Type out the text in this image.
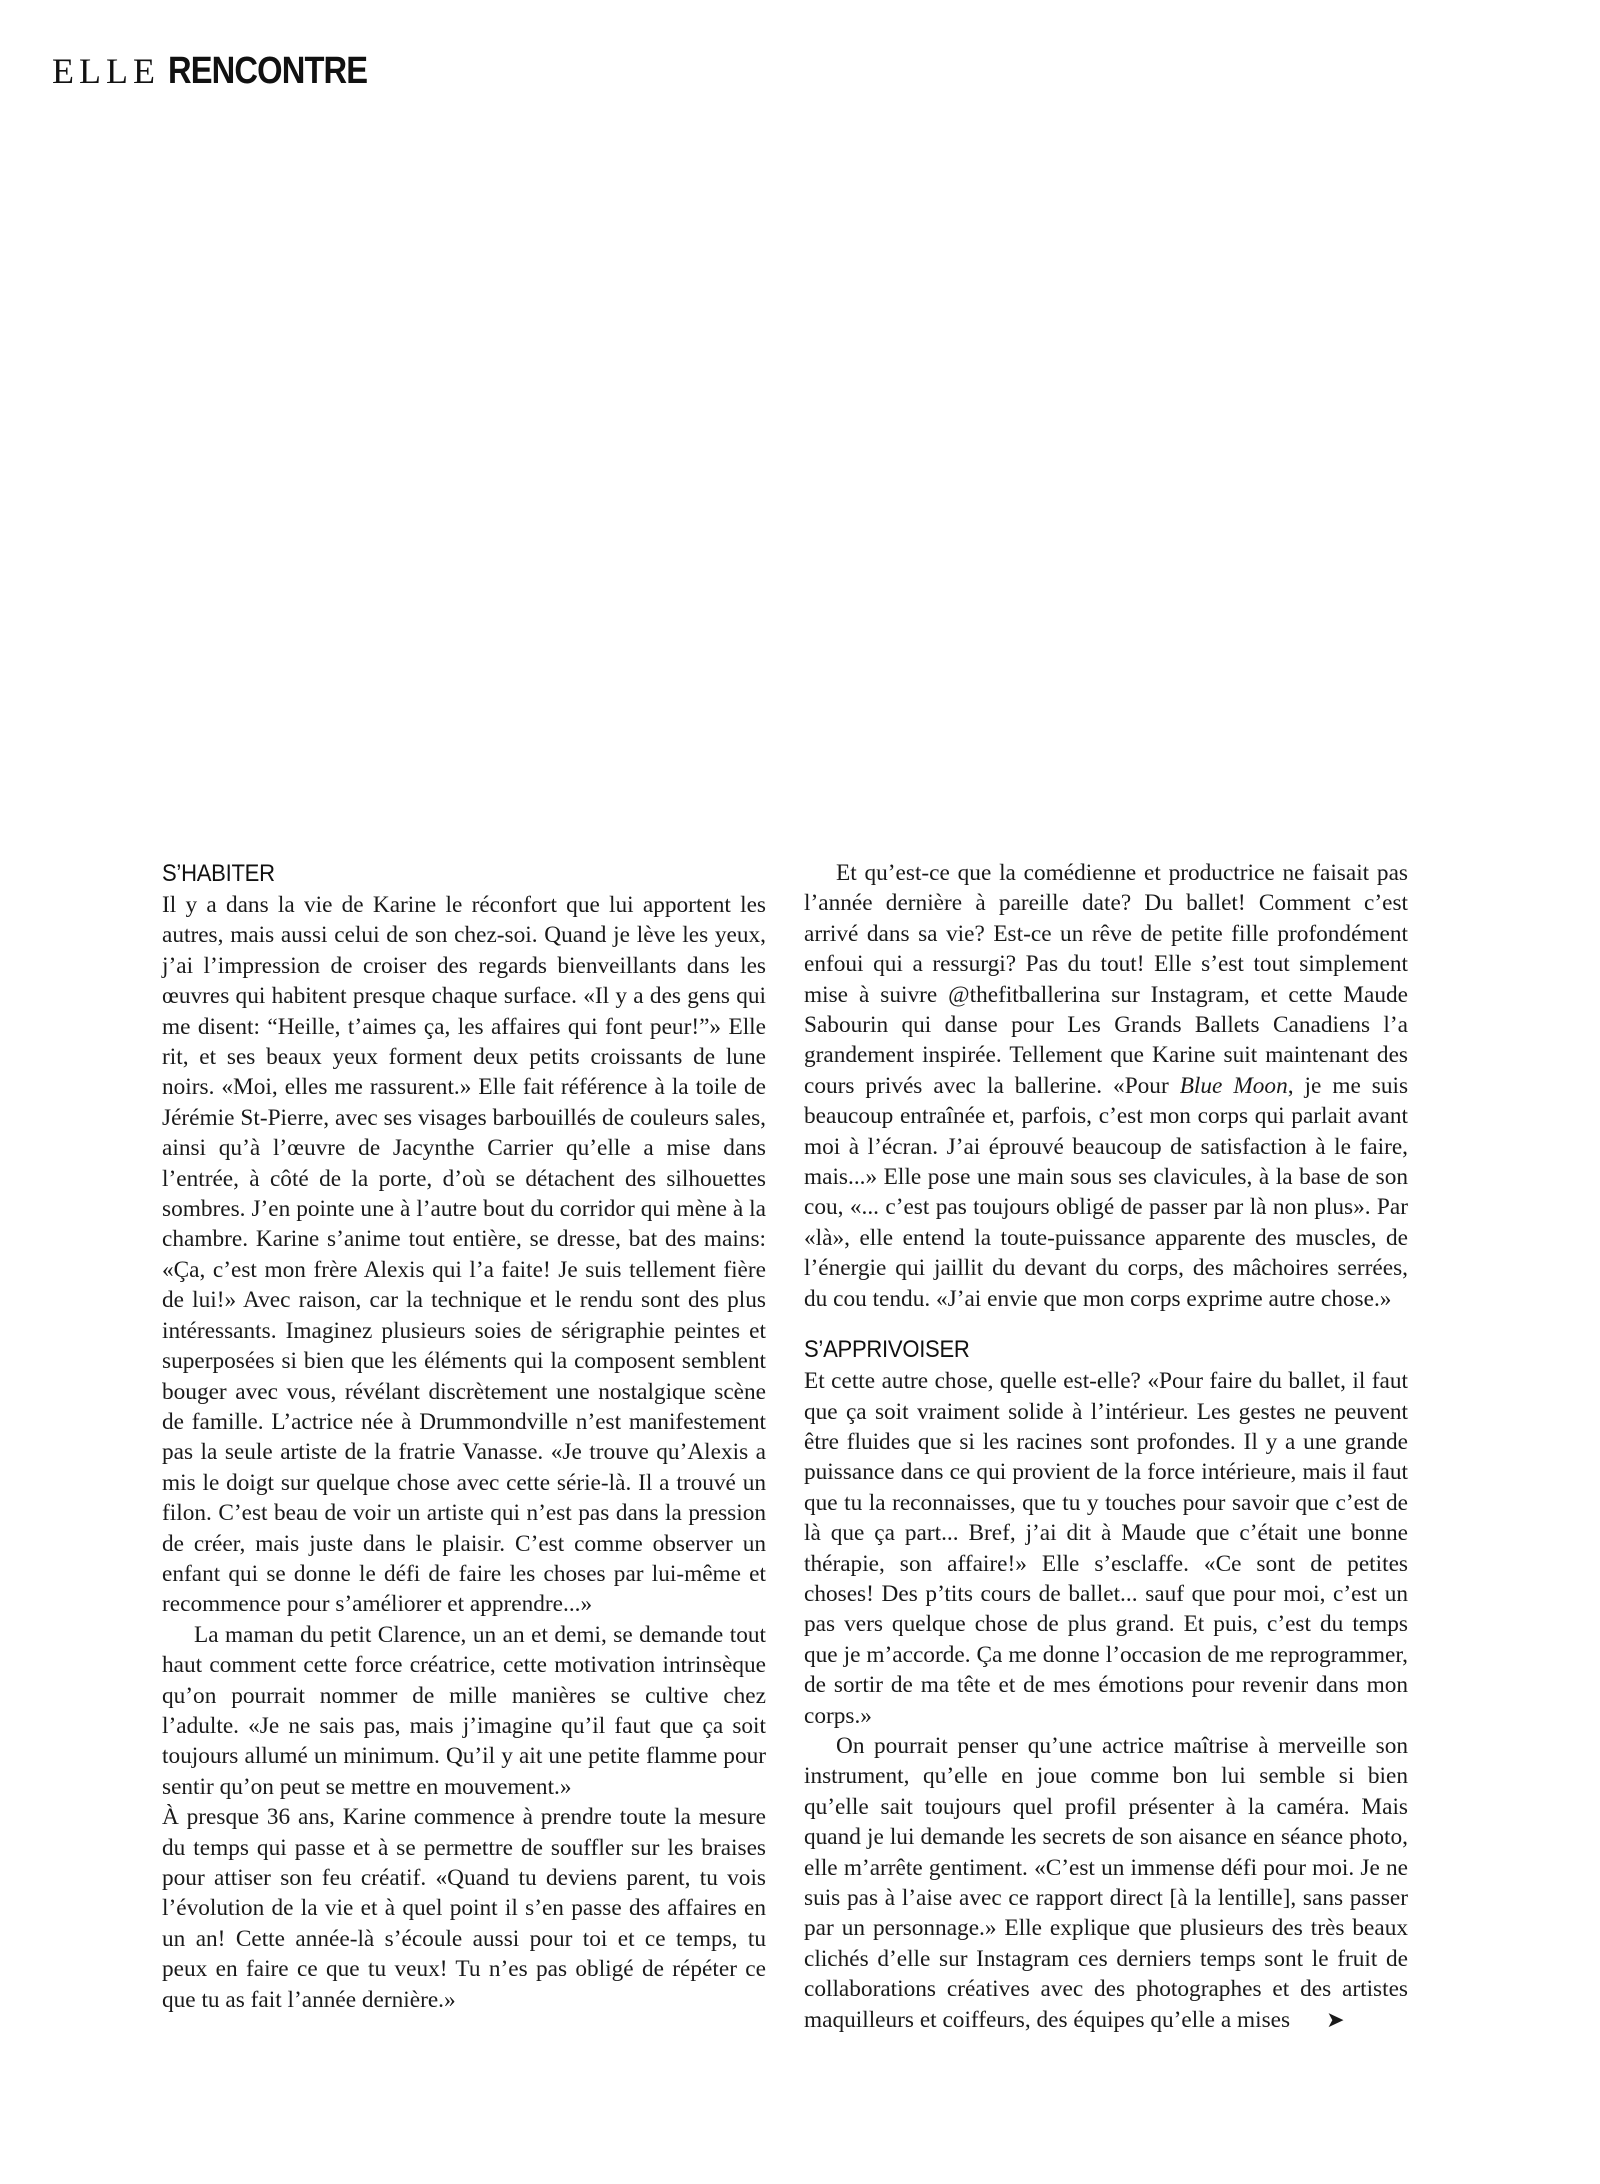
ELLE RENCONTRE
S’HABITER

Il y a dans la vie de Karine le réconfort que lui apportent les autres, mais aussi celui de son chez-soi. Quand je lève les yeux, j’ai l’impression de croiser des regards bienveillants dans les œuvres qui habitent presque chaque surface. «Il y a des gens qui me disent: “Heille, t’aimes ça, les affaires qui font peur!”» Elle rit, et ses beaux yeux forment deux petits croissants de lune noirs. «Moi, elles me rassurent.» Elle fait référence à la toile de Jérémie St-Pierre, avec ses visages barbouillés de couleurs sales, ainsi qu’à l’œuvre de Jacynthe Carrier qu’elle a mise dans l’entrée, à côté de la porte, d’où se détachent des silhouettes sombres. J’en pointe une à l’autre bout du corridor qui mène à la chambre. Karine s’anime tout entière, se dresse, bat des mains: «Ça, c’est mon frère Alexis qui l’a faite! Je suis tellement fière de lui!» Avec raison, car la technique et le rendu sont des plus intéressants. Imaginez plusieurs soies de sérigraphie peintes et superposées si bien que les éléments qui la composent semblent bouger avec vous, révélant discrètement une nostalgique scène de famille. L’actrice née à Drummondville n’est manifestement pas la seule artiste de la fratrie Vanasse. «Je trouve qu’Alexis a mis le doigt sur quelque chose avec cette série-là. Il a trouvé un filon. C’est beau de voir un artiste qui n’est pas dans la pression de créer, mais juste dans le plaisir. C’est comme observer un enfant qui se donne le défi de faire les choses par lui-même et recommence pour s’améliorer et apprendre...»

La maman du petit Clarence, un an et demi, se demande tout haut comment cette force créatrice, cette motivation intrinsèque qu’on pourrait nommer de mille manières se cultive chez l’adulte. «Je ne sais pas, mais j’imagine qu’il faut que ça soit toujours allumé un minimum. Qu’il y ait une petite flamme pour sentir qu’on peut se mettre en mouvement.»

À presque 36 ans, Karine commence à prendre toute la mesure du temps qui passe et à se permettre de souffler sur les braises pour attiser son feu créatif. «Quand tu deviens parent, tu vois l’évolution de la vie et à quel point il s’en passe des affaires en un an! Cette année-là s’écoule aussi pour toi et ce temps, tu peux en faire ce que tu veux! Tu n’es pas obligé de répéter ce que tu as fait l’année dernière.»

Et qu’est-ce que la comédienne et productrice ne faisait pas l’année dernière à pareille date? Du ballet! Comment c’est arrivé dans sa vie? Est-ce un rêve de petite fille profondément enfoui qui a ressurgi? Pas du tout! Elle s’est tout simplement mise à suivre @thefitballerina sur Instagram, et cette Maude Sabourin qui danse pour Les Grands Ballets Canadiens l’a grandement inspirée. Tellement que Karine suit maintenant des cours privés avec la ballerine. «Pour Blue Moon, je me suis beaucoup entraînée et, parfois, c’est mon corps qui parlait avant moi à l’écran. J’ai éprouvé beaucoup de satisfaction à le faire, mais...» Elle pose une main sous ses clavicules, à la base de son cou, «... c’est pas toujours obligé de passer par là non plus». Par «là», elle entend la toute-puissance apparente des muscles, de l’énergie qui jaillit du devant du corps, des mâchoires serrées, du cou tendu. «J’ai envie que mon corps exprime autre chose.»

S’APPRIVOISER

Et cette autre chose, quelle est-elle? «Pour faire du ballet, il faut que ça soit vraiment solide à l’intérieur. Les gestes ne peuvent être fluides que si les racines sont profondes. Il y a une grande puissance dans ce qui provient de la force intérieure, mais il faut que tu la reconnaisses, que tu y touches pour savoir que c’est de là que ça part... Bref, j’ai dit à Maude que c’était une bonne thérapie, son affaire!» Elle s’esclaffe. «Ce sont de petites choses! Des p’tits cours de ballet... sauf que pour moi, c’est un pas vers quelque chose de plus grand. Et puis, c’est du temps que je m’accorde. Ça me donne l’occasion de me reprogrammer, de sortir de ma tête et de mes émotions pour revenir dans mon corps.»

On pourrait penser qu’une actrice maîtrise à merveille son instrument, qu’elle en joue comme bon lui semble si bien qu’elle sait toujours quel profil présenter à la caméra. Mais quand je lui demande les secrets de son aisance en séance photo, elle m’arrête gentiment. «C’est un immense défi pour moi. Je ne suis pas à l’aise avec ce rapport direct [à la lentille], sans passer par un personnage.» Elle explique que plusieurs des très beaux clichés d’elle sur Instagram ces derniers temps sont le fruit de collaborations créatives avec des photographes et des artistes maquilleurs et coiffeurs, des équipes qu’elle a mises ➤
